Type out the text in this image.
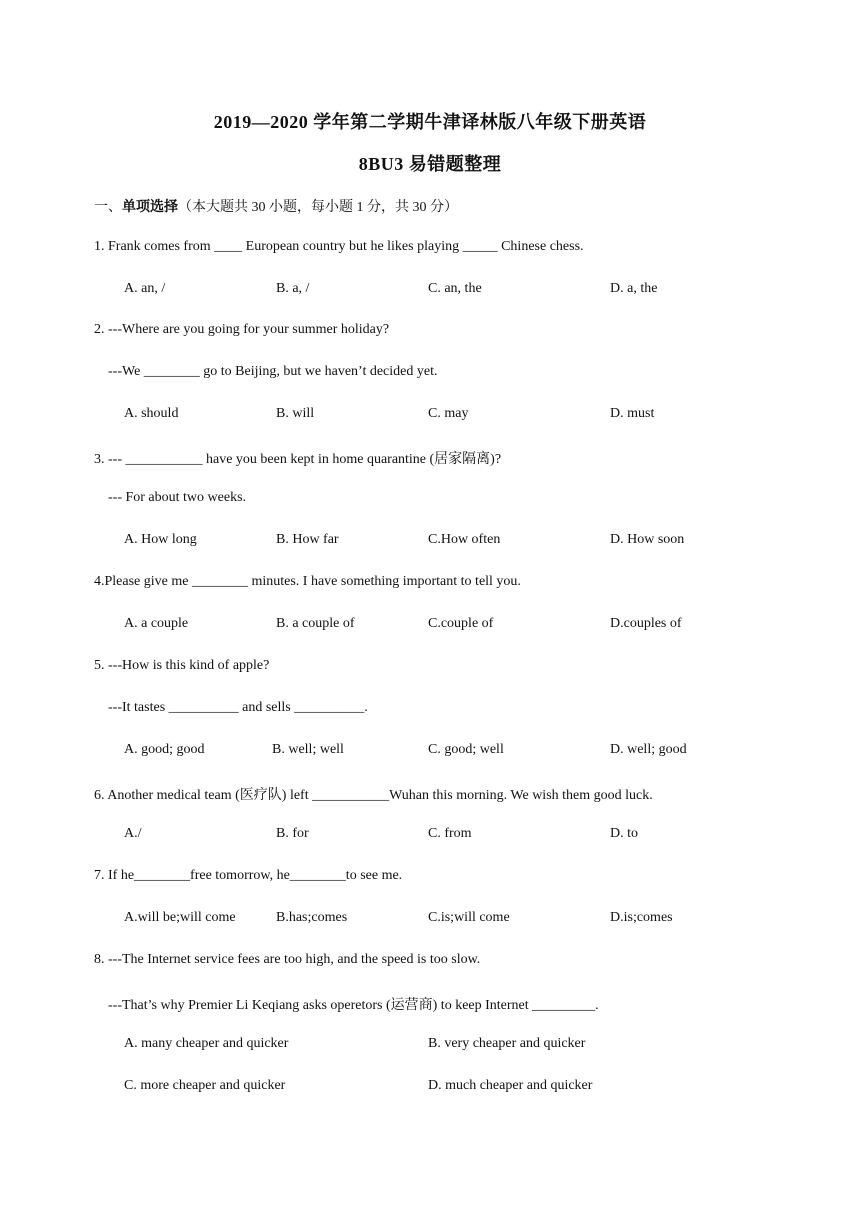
2019—2020 学年第二学期牛津译林版八年级下册英语
8BU3 易错题整理
一、单项选择（本大题共 30 小题，每小题 1 分，共 30 分）
1. Frank comes from ____ European country but he likes playing _____ Chinese chess.
A. an, /	B. a, /	C. an, the	D. a, the
2. ---Where are you going for your summer holiday?
---We ________ go to Beijing, but we haven’t decided yet.
A. should	B. will	C. may	D. must
3. --- ___________ have you been kept in home quarantine (居家隔离)?
--- For about two weeks.
A. How long	B. How far	C.How often	D. How soon
4.Please give me ________ minutes. I have something important to tell you.
A. a couple	B. a couple of	C.couple of	D.couples of
5. ---How is this kind of apple?
---It tastes __________ and sells __________.
A. good; good	B. well; well	C. good; well	D. well; good
6. Another medical team (医疗队) left ___________Wuhan this morning. We wish them good luck.
A./	B. for	C. from	D. to
7. If he________free tomorrow, he________to see me.
A.will be;will come	B.has;comes	C.is;will come	D.is;comes
8. ---The Internet service fees are too high, and the speed is too slow.
---That’s why Premier Li Keqiang asks operetors (运营商) to keep Internet _________.
A. many cheaper and quicker	B. very cheaper and quicker
C. more cheaper and quicker	D. much cheaper and quicker
